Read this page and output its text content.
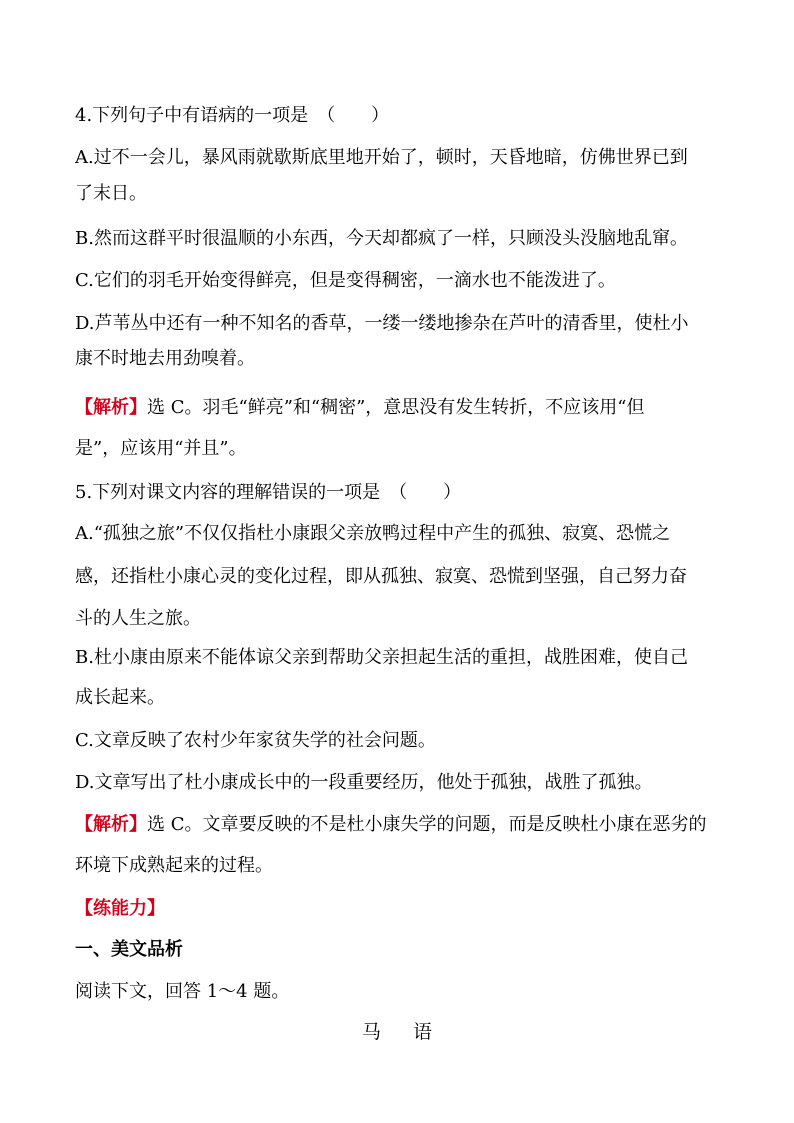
4.下列句子中有语病的一项是　（　　）
A.过不一会儿，暴风雨就歇斯底里地开始了，顿时，天昏地暗，仿佛世界已到
了末日。
B.然而这群平时很温顺的小东西，今天却都疯了一样，只顾没头没脑地乱窜。
C.它们的羽毛开始变得鲜亮，但是变得稠密，一滴水也不能泼进了。
D.芦苇丛中还有一种不知名的香草，一缕一缕地掺杂在芦叶的清香里，使杜小
康不时地去用劲嗅着。
【解析】选 C。羽毛“鲜亮”和“稠密”，意思没有发生转折，不应该用“但
是”，应该用“并且”。
5.下列对课文内容的理解错误的一项是　（　　）
A.“孤独之旅”不仅仅指杜小康跟父亲放鸭过程中产生的孤独、寂寞、恐慌之
感，还指杜小康心灵的变化过程，即从孤独、寂寞、恐慌到坚强，自己努力奋
斗的人生之旅。
B.杜小康由原来不能体谅父亲到帮助父亲担起生活的重担，战胜困难，使自己
成长起来。
C.文章反映了农村少年家贫失学的社会问题。
D.文章写出了杜小康成长中的一段重要经历，他处于孤独，战胜了孤独。
【解析】选 C。文章要反映的不是杜小康失学的问题，而是反映杜小康在恶劣的
环境下成熟起来的过程。
【练能力】
一、美文品析
阅读下文，回答 1～4 题。
马 语
